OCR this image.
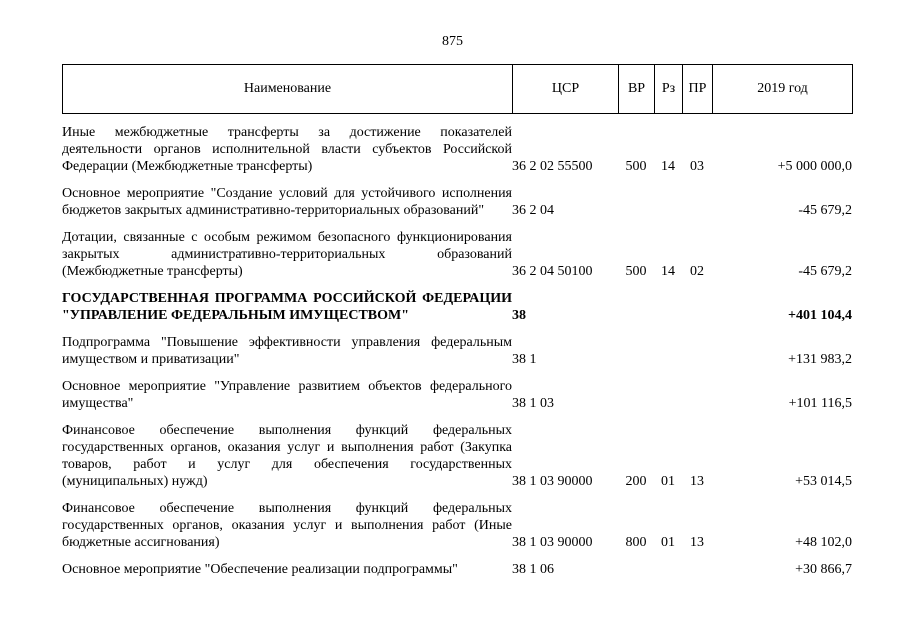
875
Наименование	ЦСР	ВР	Рз	ПР	2019 год
Иные межбюджетные трансферты за достижение показателей деятельности органов исполнительной власти субъектов Российской Федерации (Межбюджетные трансферты)	36 2 02 55500	500	14	03	+5 000 000,0
Основное мероприятие "Создание условий для устойчивого исполнения бюджетов закрытых административно-территориальных образований"	36 2 04				-45 679,2
Дотации, связанные с особым режимом безопасного функционирования закрытых административно-территориальных образований (Межбюджетные трансферты)	36 2 04 50100	500	14	02	-45 679,2
ГОСУДАРСТВЕННАЯ ПРОГРАММА РОССИЙСКОЙ ФЕДЕРАЦИИ "УПРАВЛЕНИЕ ФЕДЕРАЛЬНЫМ ИМУЩЕСТВОМ"	38				+401 104,4
Подпрограмма "Повышение эффективности управления федеральным имуществом и приватизации"	38 1				+131 983,2
Основное мероприятие "Управление развитием объектов федерального имущества"	38 1 03				+101 116,5
Финансовое обеспечение выполнения функций федеральных государственных органов, оказания услуг и выполнения работ (Закупка товаров, работ и услуг для обеспечения государственных (муниципальных) нужд)	38 1 03 90000	200	01	13	+53 014,5
Финансовое обеспечение выполнения функций федеральных государственных органов, оказания услуг и выполнения работ (Иные бюджетные ассигнования)	38 1 03 90000	800	01	13	+48 102,0
Основное мероприятие "Обеспечение реализации подпрограммы"	38 1 06				+30 866,7
